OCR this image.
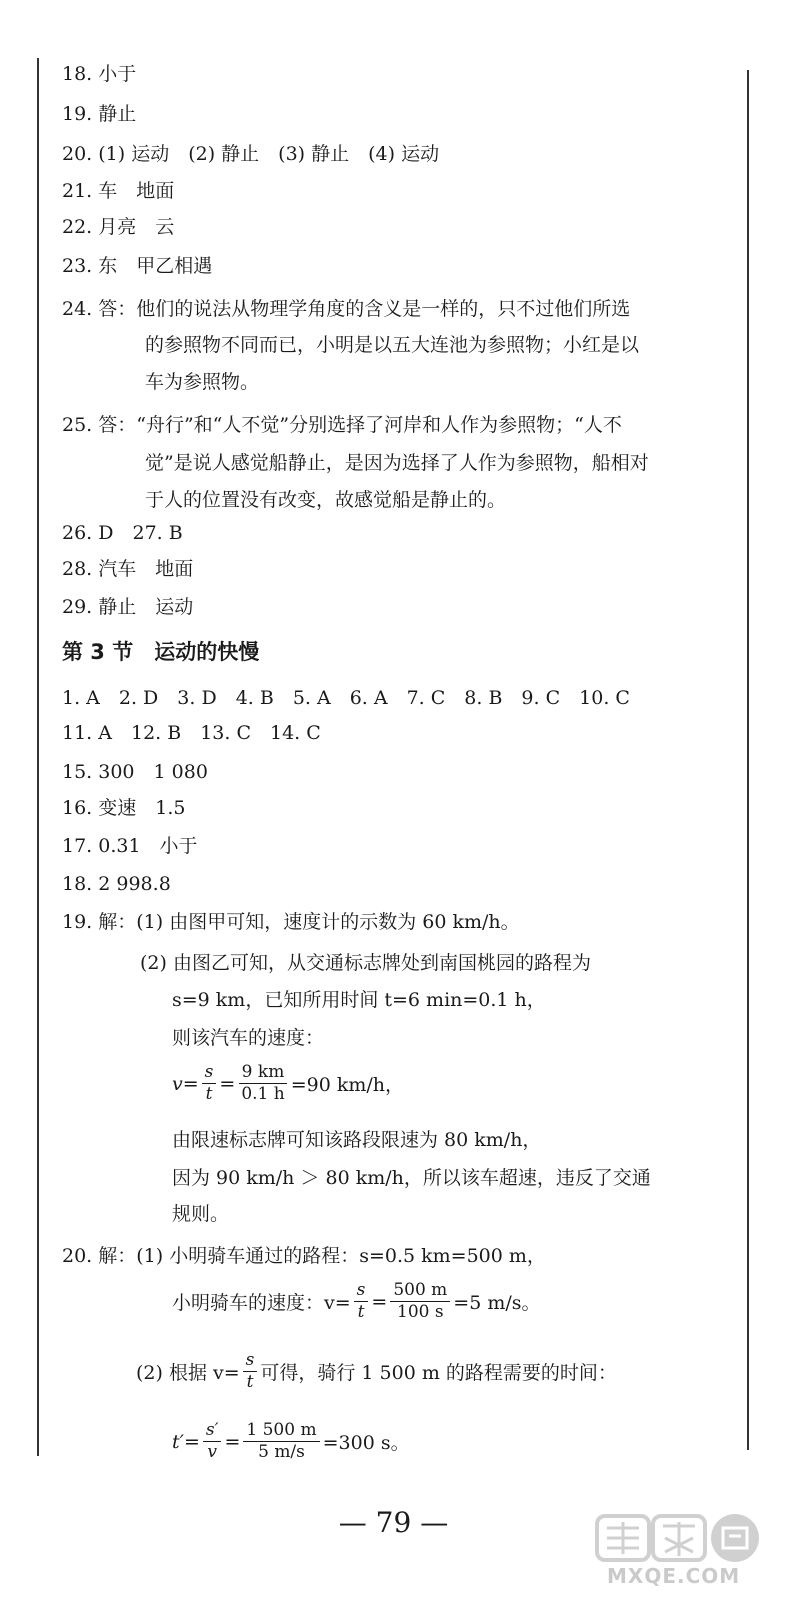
18. 小于
19. 静止
20. (1) 运动　(2) 静止　(3) 静止　(4) 运动
21. 车　地面
22. 月亮　云
23. 东　甲乙相遇
24. 答：他们的说法从物理学角度的含义是一样的，只不过他们所选
的参照物不同而已，小明是以五大连池为参照物；小红是以
车为参照物。
25. 答：“舟行”和“人不觉”分别选择了河岸和人作为参照物；“人不
觉”是说人感觉船静止，是因为选择了人作为参照物，船相对
于人的位置没有改变，故感觉船是静止的。
26. D　27. B
28. 汽车　地面
29. 静止　运动
第 3 节　运动的快慢
1. A　2. D　3. D　4. B　5. A　6. A　7. C　8. B　9. C　10. C
11. A　12. B　13. C　14. C
15. 300　1 080
16. 变速　1.5
17. 0.31　小于
18. 2 998.8
19. 解：(1) 由图甲可知，速度计的示数为 60 km/h。
(2) 由图乙可知，从交通标志牌处到南国桃园的路程为
s=9 km，已知所用时间 t=6 min=0.1 h，
则该汽车的速度：
$v= \frac{s}{t} = \frac{9 km}{0.1 h} =90$ km/h，
由限速标志牌可知该路段限速为 80 km/h，
因为 90 km/h ＞ 80 km/h，所以该车超速，违反了交通
规则。
20. 解：(1) 小明骑车通过的路程：s=0.5 km=500 m，
小明骑车的速度：$v= \frac{s}{t} = \frac{500 m}{100 s} =5$ m/s。
(2) 根据 $v= \frac{s}{t}$ 可得，骑行 1 500 m 的路程需要的时间：
$t'= \frac{s'}{v} = \frac{1 500 m}{5 m/s} =300$ s。
— 79 —
MXQE.COM
